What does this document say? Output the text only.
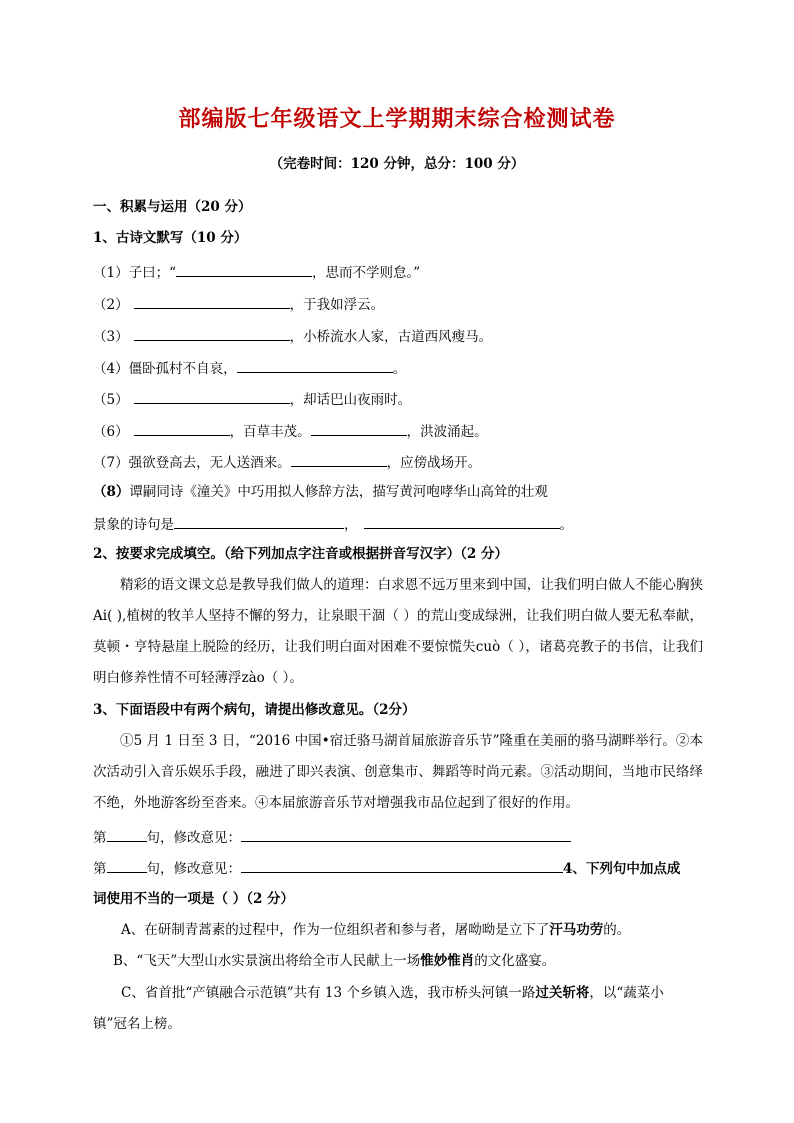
部编版七年级语文上学期期末综合检测试卷
（完卷时间：120 分钟，总分：100 分）
一、积累与运用（20 分）
1、古诗文默写（10 分）
（1）子曰；“	，思而不学则怠。”
（2）	，于我如浮云。
（3）	，小桥流水人家，古道西风瘦马。
（4）僵卧孤村不自哀，	。
（5）	，却话巴山夜雨时。
（6）	，百草丰茂。	，洪波涌起。
（7）强欲登高去，无人送酒来。	，应傍战场开。
（8）谭嗣同诗《潼关》中巧用拟人修辞方法，描写黄河咆哮华山高耸的壮观
景象的诗句是	，	。
2、按要求完成填空。（给下列加点字注音或根据拼音写汉字）（2 分）
精彩的语文课文总是教导我们做人的道理：白求恩不远万里来到中国，让我们明白做人不能心胸狭Ai( ),植树的牧羊人坚持不懈的努力，让泉眼干涸（ ）的荒山变成绿洲，让我们明白做人要无私奉献，莫顿・亨特悬崖上脱险的经历，让我们明白面对困难不要惊慌失cuò（ ），诸葛亮教子的书信，让我们明白修养性情不可轻薄浮zào（ ）。
3、下面语段中有两个病句，请提出修改意见。（2分）
①5 月 1 日至 3 日，“2016 中国•宿迁骆马湖首届旅游音乐节”隆重在美丽的骆马湖畔举行。②本次活动引入音乐娱乐手段，融进了即兴表演、创意集市、舞蹈等时尚元素。③活动期间，当地市民络绎不绝，外地游客纷至沓来。④本届旅游音乐节对增强我市品位起到了很好的作用。
第	句，修改意见：
第	句，修改意见：	4、下列句中加点成
词使用不当的一项是（ ）（2 分）
A、在研制青蒿素的过程中，作为一位组织者和参与者，屠呦呦是立下了汗马功劳的。
B、“飞天”大型山水实景演出将给全市人民献上一场惟妙惟肖的文化盛宴。
C、省首批“产镇融合示范镇”共有 13 个乡镇入选，我市桥头河镇一路过关斩将，以“蔬菜小
镇”冠名上榜。
